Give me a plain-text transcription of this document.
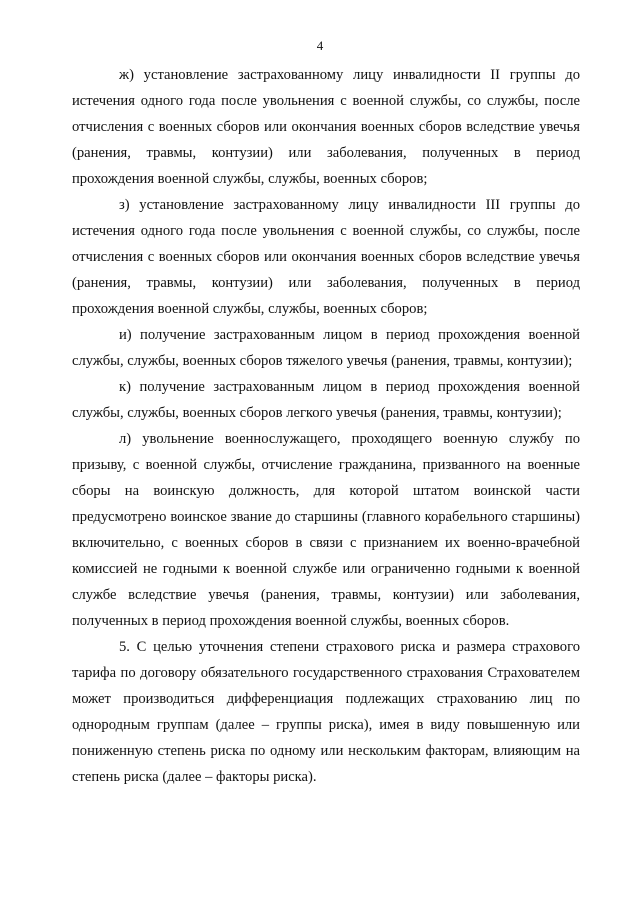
4

ж) установление застрахованному лицу инвалидности II группы до истечения одного года после увольнения с военной службы, со службы, после отчисления с военных сборов или окончания военных сборов вследствие увечья (ранения, травмы, контузии) или заболевания, полученных в период прохождения военной службы, службы, военных сборов;

з) установление застрахованному лицу инвалидности III группы до истечения одного года после увольнения с военной службы, со службы, после отчисления с военных сборов или окончания военных сборов вследствие увечья (ранения, травмы, контузии) или заболевания, полученных в период прохождения военной службы, службы, военных сборов;

и) получение застрахованным лицом в период прохождения военной службы, службы, военных сборов тяжелого увечья (ранения, травмы, контузии);

к) получение застрахованным лицом в период прохождения военной службы, службы, военных сборов легкого увечья (ранения, травмы, контузии);

л) увольнение военнослужащего, проходящего военную службу по призыву, с военной службы, отчисление гражданина, призванного на военные сборы на воинскую должность, для которой штатом воинской части предусмотрено воинское звание до старшины (главного корабельного старшины) включительно, с военных сборов в связи с признанием их военно-врачебной комиссией не годными к военной службе или ограниченно годными к военной службе вследствие увечья (ранения, травмы, контузии) или заболевания, полученных в период прохождения военной службы, военных сборов.

5. С целью уточнения степени страхового риска и размера страхового тарифа по договору обязательного государственного страхования Страхователем может производиться дифференциация подлежащих страхованию лиц по однородным группам (далее – группы риска), имея в виду повышенную или пониженную степень риска по одному или нескольким факторам, влияющим на степень риска (далее – факторы риска).
